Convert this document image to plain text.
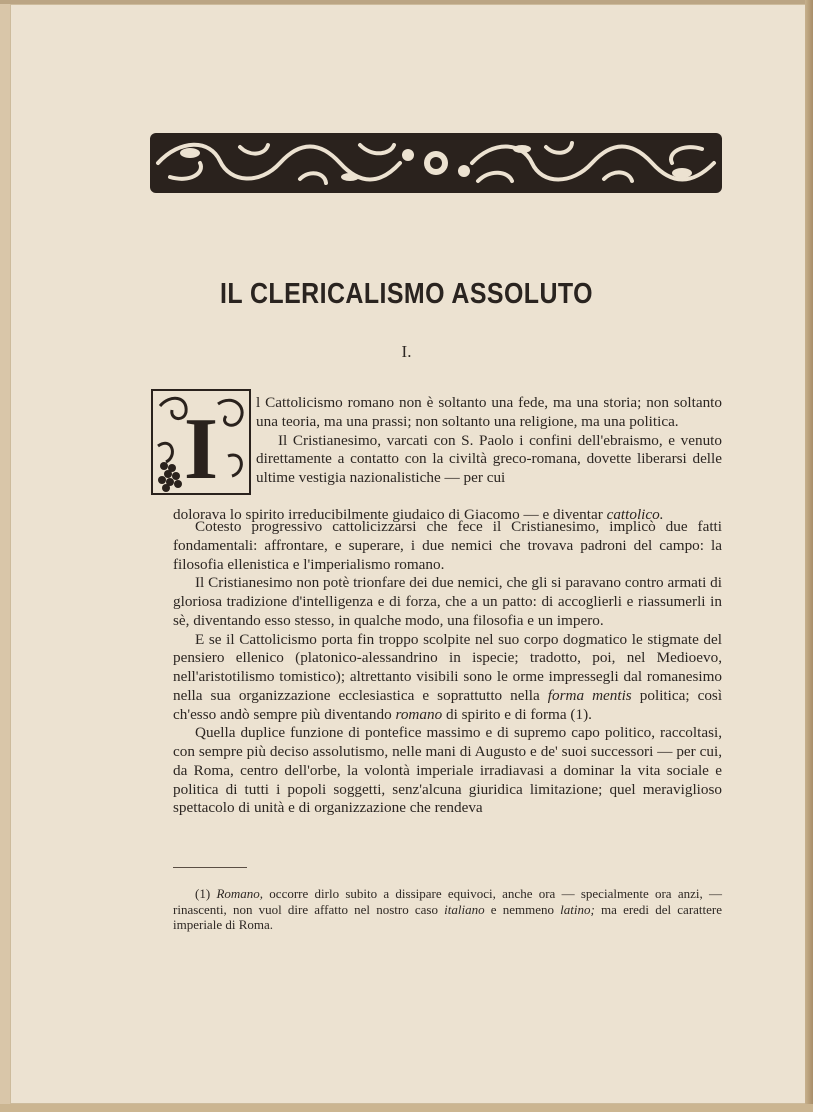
IL CLERICALISMO ASSOLUTO
I.
I l Cattolicismo romano non è soltanto una fede, ma una storia; non soltanto una teoria, ma una prassi; non soltanto una religione, ma una politica.
Il Cristianesimo, varcati con S. Paolo i confini dell'ebraismo, e venuto direttamente a contatto con la civiltà greco-romana, dovette liberarsi delle ultime vestigia nazionalistiche — per cui

dolorava lo spirito irreducibilmente giudaico di Giacomo — e diventar cattolico.

Cotesto progressivo cattolicizzarsi che fece il Cristianesimo, implicò due fatti fondamentali: affrontare, e superare, i due nemici che trovava padroni del campo: la filosofia ellenistica e l'imperialismo romano.

Il Cristianesimo non potè trionfare dei due nemici, che gli si paravano contro armati di gloriosa tradizione d'intelligenza e di forza, che a un patto: di accoglierli e riassumerli in sè, diventando esso stesso, in qualche modo, una filosofia e un impero.

E se il Cattolicismo porta fin troppo scolpite nel suo corpo dogmatico le stigmate del pensiero ellenico (platonico-alessandrino in ispecie; tradotto, poi, nel Medioevo, nell'aristotilismo tomistico); altrettanto visibili sono le orme impressegli dal romanesimo nella sua organizzazione ecclesiastica e soprattutto nella forma mentis politica; così ch'esso andò sempre più diventando romano di spirito e di forma (1).

Quella duplice funzione di pontefice massimo e di supremo capo politico, raccoltasi, con sempre più deciso assolutismo, nelle mani di Augusto e de' suoi successori — per cui, da Roma, centro dell'orbe, la volontà imperiale irradiavasi a dominar la vita sociale e politica di tutti i popoli soggetti, senz'alcuna giuridica limitazione; quel meraviglioso spettacolo di unità e di organizzazione che rendeva

(1) Romano, occorre dirlo subito a dissipare equivoci, anche ora — specialmente ora anzi, — rinascenti, non vuol dire affatto nel nostro caso italiano e nemmeno latino; ma eredi del carattere imperiale di Roma.
